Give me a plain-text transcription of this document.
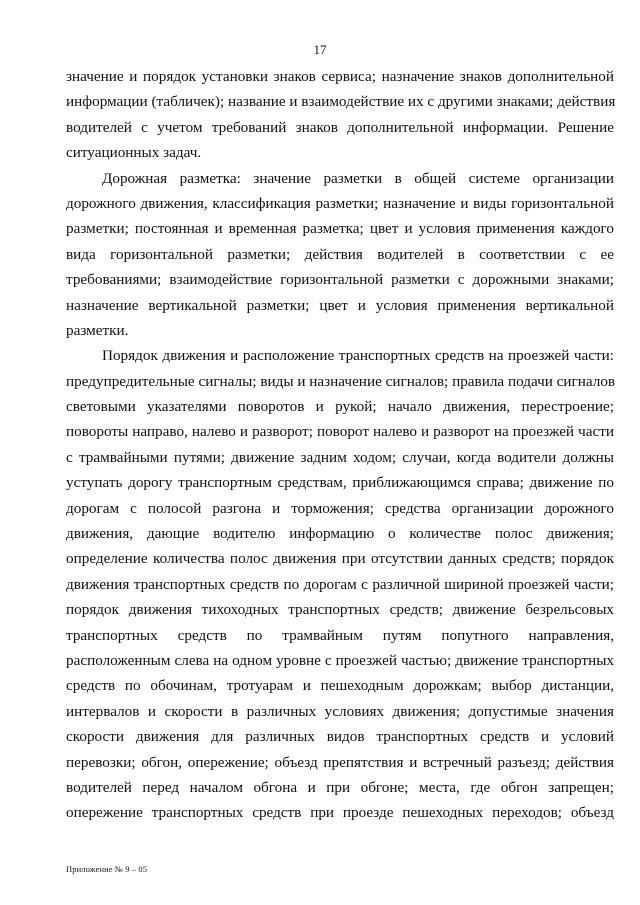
17
значение и порядок установки знаков сервиса; назначение знаков дополнительной
информации (табличек); название и взаимодействие их с другими знаками; действия
водителей с учетом требований знаков дополнительной информации. Решение
ситуационных задач.
Дорожная разметка: значение разметки в общей системе организации
дорожного движения, классификация разметки; назначение и виды горизонтальной
разметки; постоянная и временная разметка; цвет и условия применения каждого
вида горизонтальной разметки; действия водителей в соответствии с ее
требованиями; взаимодействие горизонтальной разметки с дорожными знаками;
назначение вертикальной разметки; цвет и условия применения вертикальной
разметки.
Порядок движения и расположение транспортных средств на проезжей части:
предупредительные сигналы; виды и назначение сигналов; правила подачи сигналов
световыми указателями поворотов и рукой; начало движения, перестроение;
повороты направо, налево и разворот; поворот налево и разворот на проезжей части
с трамвайными путями; движение задним ходом; случаи, когда водители должны
уступать дорогу транспортным средствам, приближающимся справа; движение по
дорогам с полосой разгона и торможения; средства организации дорожного
движения, дающие водителю информацию о количестве полос движения;
определение количества полос движения при отсутствии данных средств; порядок
движения транспортных средств по дорогам с различной шириной проезжей части;
порядок движения тихоходных транспортных средств; движение безрельсовых
транспортных средств по трамвайным путям попутного направления,
расположенным слева на одном уровне с проезжей частью; движение транспортных
средств по обочинам, тротуарам и пешеходным дорожкам; выбор дистанции,
интервалов и скорости в различных условиях движения; допустимые значения
скорости движения для различных видов транспортных средств и условий
перевозки; обгон, опережение; объезд препятствия и встречный разъезд; действия
водителей перед началом обгона и при обгоне; места, где обгон запрещен;
опережение транспортных средств при проезде пешеходных переходов; объезд
Приложение № 9 – 05
